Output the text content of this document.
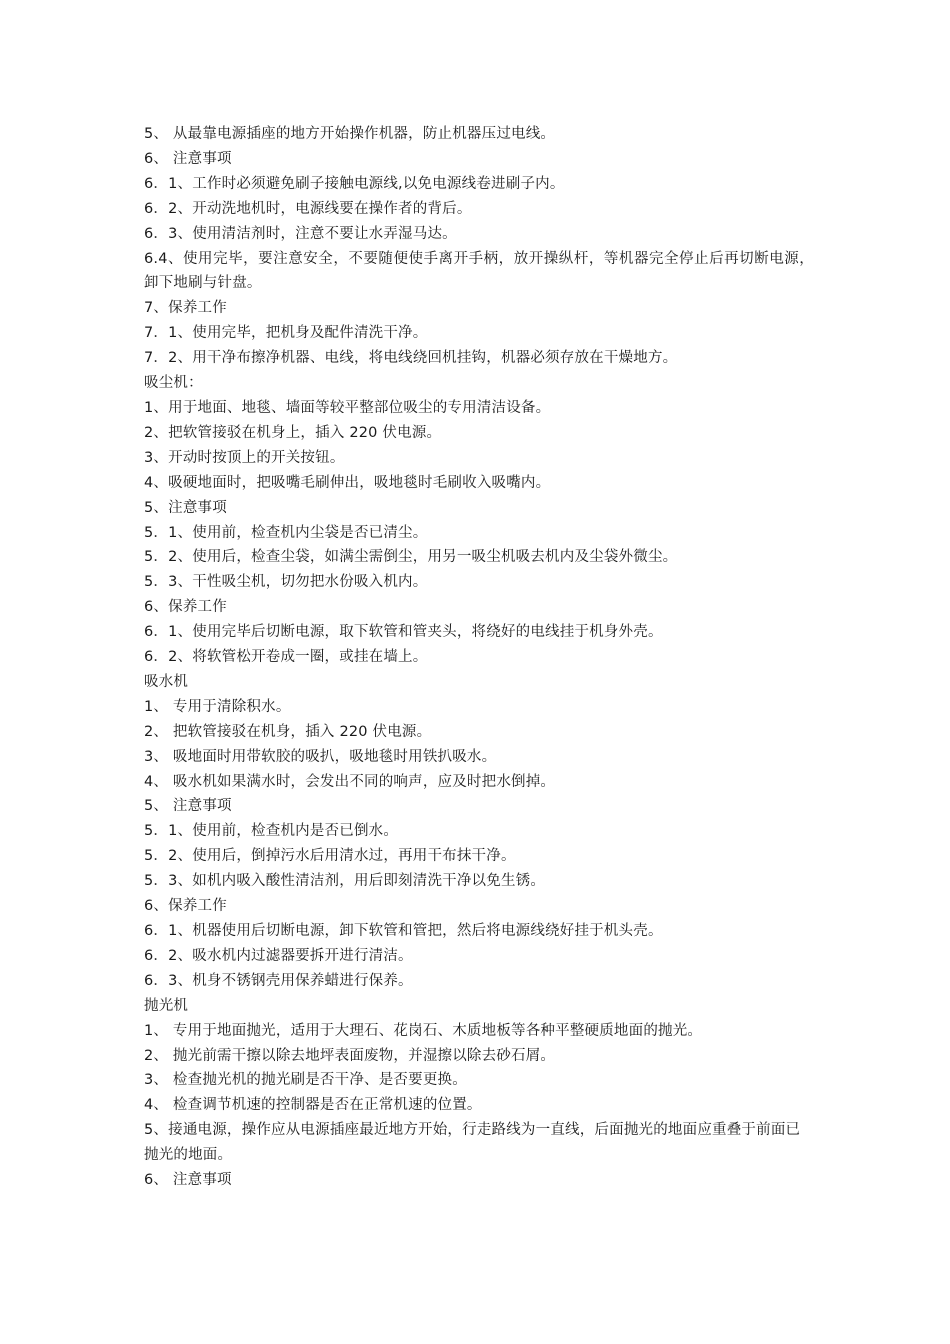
5、 从最靠电源插座的地方开始操作机器，防止机器压过电线。
6、 注意事项
6．1、工作时必须避免刷子接触电源线,以免电源线卷进刷子内。
6．2、开动洗地机时，电源线要在操作者的背后。
6．3、使用清洁剂时，注意不要让水弄湿马达。
6.4、使用完毕，要注意安全，不要随便使手离开手柄，放开操纵杆，等机器完全停止后再切断电源，卸下地刷与针盘。
7、保养工作
7．1、使用完毕，把机身及配件清洗干净。
7．2、用干净布擦净机器、电线，将电线绕回机挂钩，机器必须存放在干燥地方。
吸尘机：
1、用于地面、地毯、墙面等较平整部位吸尘的专用清洁设备。
2、把软管接驳在机身上，插入 220 伏电源。
3、开动时按顶上的开关按钮。
4、吸硬地面时，把吸嘴毛刷伸出，吸地毯时毛刷收入吸嘴内。
5、注意事项
5．1、使用前，检查机内尘袋是否已清尘。
5．2、使用后，检查尘袋，如满尘需倒尘，用另一吸尘机吸去机内及尘袋外微尘。
5．3、干性吸尘机，切勿把水份吸入机内。
6、保养工作
6．1、使用完毕后切断电源，取下软管和管夹头，将绕好的电线挂于机身外壳。
6．2、将软管松开卷成一圈，或挂在墙上。
吸水机
1、 专用于清除积水。
2、 把软管接驳在机身，插入 220 伏电源。
3、 吸地面时用带软胶的吸扒，吸地毯时用铁扒吸水。
4、 吸水机如果满水时，会发出不同的响声，应及时把水倒掉。
5、 注意事项
5．1、使用前，检查机内是否已倒水。
5．2、使用后，倒掉污水后用清水过，再用干布抹干净。
5．3、如机内吸入酸性清洁剂，用后即刻清洗干净以免生锈。
6、保养工作
6．1、机器使用后切断电源，卸下软管和管把，然后将电源线绕好挂于机头壳。
6．2、吸水机内过滤器要拆开进行清洁。
6．3、机身不锈钢壳用保养蜡进行保养。
抛光机
1、 专用于地面抛光，适用于大理石、花岗石、木质地板等各种平整硬质地面的抛光。
2、 抛光前需干擦以除去地坪表面废物，并湿擦以除去砂石屑。
3、 检查抛光机的抛光刷是否干净、是否要更换。
4、 检查调节机速的控制器是否在正常机速的位置。
5、接通电源，操作应从电源插座最近地方开始，行走路线为一直线，后面抛光的地面应重叠于前面已
抛光的地面。
6、 注意事项
